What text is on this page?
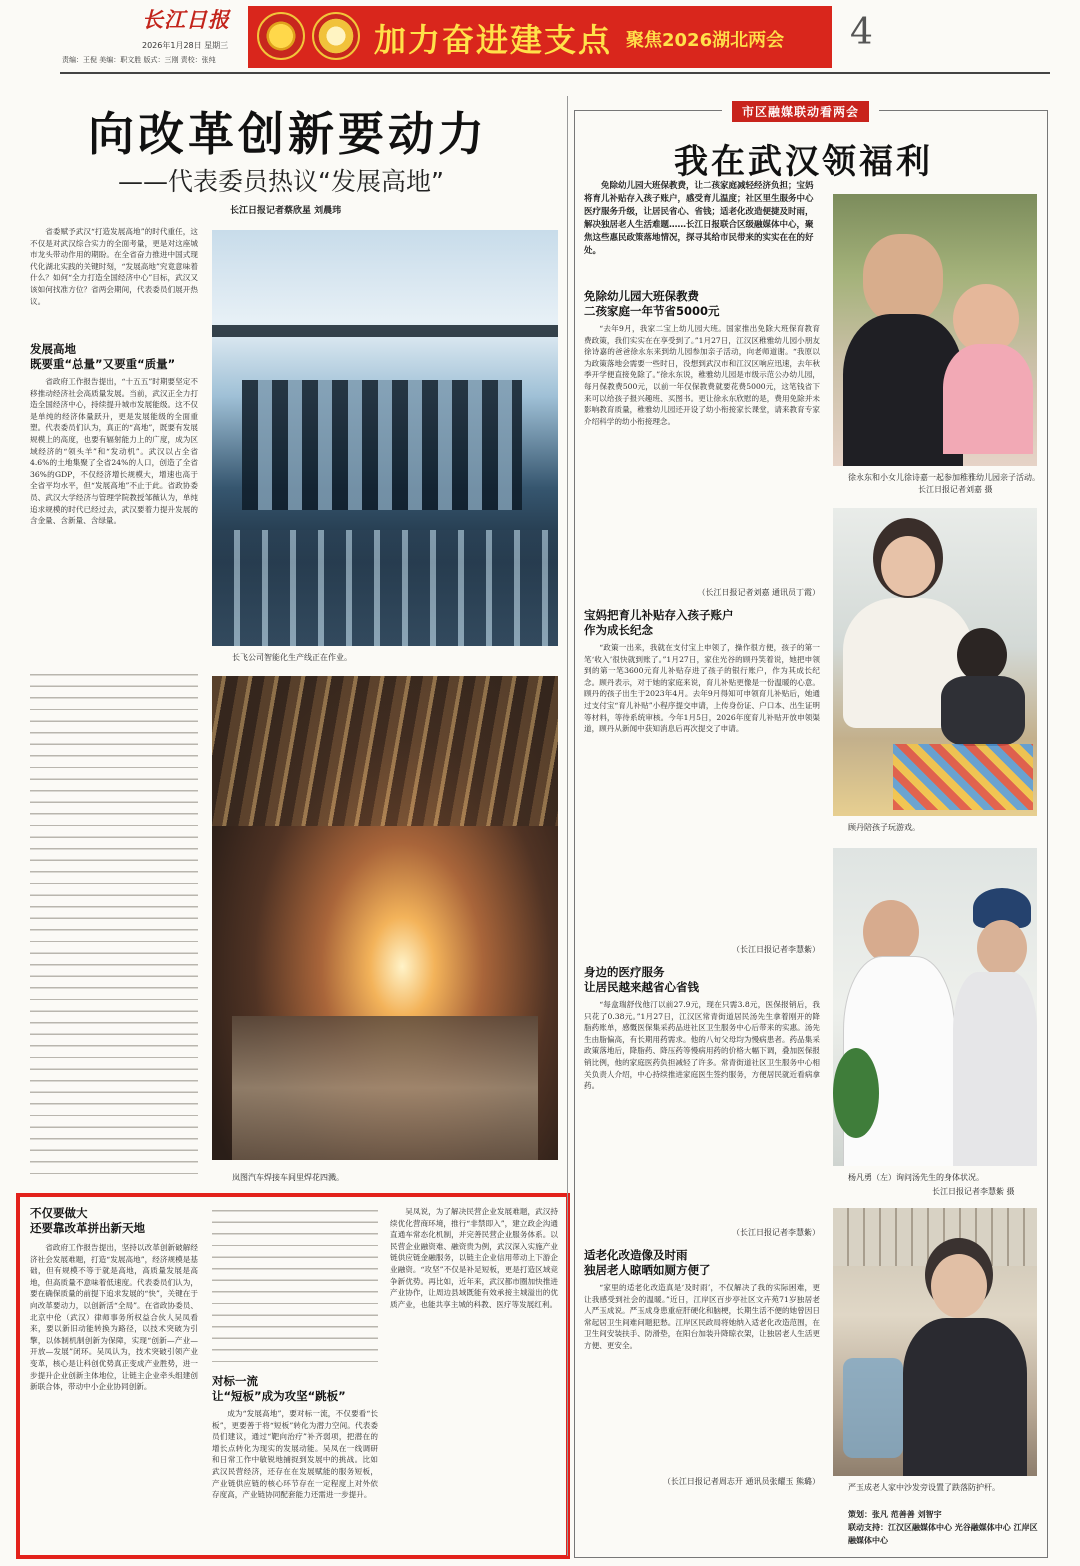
长江日报
2026年1月28日 星期三
责编：王倪 美编：职文胜 版式：三刚 责校：张纯
加力奋进建支点 聚焦2026湖北两会 4
向改革创新要动力
——代表委员热议“发展高地”
长江日报记者蔡欣星 刘晨玮
省委赋予武汉“打造发展高地”的时代重任，这不仅是对武汉综合实力的全面考量，更是对这座城市龙头带动作用的期盼。在全省奋力推进中国式现代化湖北实践的关键时刻，“发展高地”究竟意味着什么？如何“全力打造全国经济中心”目标，武汉又该如何找准方位？省两会期间，代表委员们展开热议。
发展高地
既要重“总量”又要重“质量”
省政府工作报告提出，“十五五”时期要坚定不移推动经济社会高质量发展。当前，武汉正全力打造全国经济中心，持续提升城市发展能级。这不仅是单纯的经济体量跃升，更是发展能级的全面重塑。代表委员们认为，真正的“高地”，既要有发展规模上的高度，也要有辐射能力上的广度，成为区域经济的“领头羊”和“发动机”。武汉以占全省4.6%的土地集聚了全省24%的人口，创造了全省36%的GDP，不仅经济增长规模大，增速也高于全省平均水平，但“发展高地”不止于此。省政协委员、武汉大学经济与管理学院教授邹薇认为，单纯追求规模的时代已经过去，武汉要着力提升发展的含金量、含新量、含绿量。
长飞公司智能化生产线正在作业。
岚图汽车焊接车间里焊花四溅。
不仅要做大
还要靠改革拼出新天地
省政府工作报告提出，坚持以改革创新破解经济社会发展难题，打造“发展高地”，经济规模是基础，但有规模不等于就是高地，高质量发展是高地，但高质量不意味着低速度。代表委员们认为，要在确保质量的前提下追求发展的“快”，关键在于向改革要动力，以创新活“全局”。在省政协委员、北京中伦（武汉）律师事务所权益合伙人吴凤看来，要以新旧动能转换为路径，以技术突破为引擎，以体制机制创新为保障，实现“创新—产业—开放—发展”闭环。吴凤认为，技术突破引领产业变革，核心是让科创优势真正变成产业胜势，进一步提升企业创新主体地位，让链主企业牵头组建创新联合体，带动中小企业协同创新。	对标一流
让“短板”成为攻坚“跳板”
成为“发展高地”，要对标一流，不仅要看“长板”，更要善于将“短板”转化为潜力空间。代表委员们建议，通过“靶向治疗”补齐弱项，把潜在的增长点转化为现实的发展动能。吴凤在一线调研和日常工作中敏锐地捕捉到发展中的挑战。比如武汉民营经济，还存在在发展赋能的服务短板，产业链供应链的核心环节存在一定程度上对外依存度高，产业链协同配套能力还需进一步提升。
吴凤说，为了解决民营企业发展难题，武汉持续优化营商环境，推行“非禁即入”，建立政企沟通直通车常态化机制，并完善民营企业服务体系。以民营企业融资难、融资贵为例，武汉深入实施产业链供应链金融服务，以链主企业信用带动上下游企业融资。“攻坚”不仅是补足短板，更是打造区域竞争新优势。再比如，近年来，武汉都市圈加快推进产业协作，让周边县域既能有效承接主城溢出的优质产业，也能共享主城的科教、医疗等发展红利。
市区融媒联动看两会
我在武汉领福利
免除幼儿园大班保教费，让二孩家庭减轻经济负担；宝妈将育儿补贴存入孩子账户，感受育儿温度；社区里生服务中心医疗服务升级，让居民省心、省钱；适老化改造便捷及时雨，解决独居老人生活难题……长江日报联合区级融媒体中心，聚焦这些惠民政策落地情况，探寻其给市民带来的实实在在的好处。
免除幼儿园大班保教费
二孩家庭一年节省5000元
“去年9月，我家二宝上幼儿园大班。国家推出免除大班保育教育费政策，我们实实在在享受到了。”1月27日，江汉区稚雅幼儿园小朋友徐诗嘉的爸爸徐永东来到幼儿园参加亲子活动，向老师道谢。“我原以为政策落地会需要一些时日，没想到武汉市和江汉区响应迅速，去年秋季开学便直接免除了。”徐永东说，稚雅幼儿园是市级示范公办幼儿园，每月保教费500元，以前一年仅保教费就要花费5000元，这笔钱省下来可以给孩子报兴趣班、买图书。更让徐永东欣慰的是，费用免除并未影响教育质量，稚雅幼儿园还开设了幼小衔接家长课堂，请来教育专家介绍科学的幼小衔接理念。
（长江日报记者刘嘉 通讯员丁霞）
宝妈把育儿补贴存入孩子账户
作为成长纪念
“政策一出来，我就在支付宝上申领了，操作很方便，孩子的第一笔‘收入’很快就到账了。”1月27日，家住光谷的顾丹笑着说，她把申领到的第一笔3600元育儿补贴存进了孩子的银行账户，作为其成长纪念。顾丹表示，对于她的家庭来说，育儿补贴更像是一份温暖的心意。顾丹的孩子出生于2023年4月。去年9月得知可申领育儿补贴后，她通过支付宝“育儿补贴”小程序提交申请，上传身份证、户口本、出生证明等材料，等待系统审核。今年1月5日，2026年度育儿补贴开放申领渠道，顾丹从新闻中获知消息后再次提交了申请。
（长江日报记者李慧紫）
身边的医疗服务
让居民越来越省心省钱
“每盒瑞舒伐他汀以前27.9元，现在只需3.8元，医保报销后，我只花了0.38元。”1月27日，江汉区常青街道居民汤先生拿着刚开的降脂药账单，感慨医保集采药品进社区卫生服务中心后带来的实惠。汤先生由脂偏高，有长期用药需求。他的八旬父母均为慢病患者。药品集采政策落地后，降脂药、降压药等慢病用药的价格大幅下调，叠加医保报销比例，他的家庭医药负担减轻了许多。常青街道社区卫生服务中心相关负责人介绍，中心持续推进家庭医生签约服务，方便居民就近看病拿药。
（长江日报记者李慧紫）
适老化改造像及时雨
独居老人晾晒如厕方便了
“家里的适老化改造真是‘及时雨’，不仅解决了我的实际困难，更让我感受到社会的温暖。”近日，江岸区百步亭社区文卉苑71岁独居老人严玉成说。严玉成身患重症肝硬化和脑梗，长期生活不便的她曾因日常起居卫生间难问题犯愁。江岸区民政局将她纳入适老化改造范围，在卫生间安装扶手、防滑垫，在阳台加装升降晾衣架，让独居老人生活更方便、更安全。
（长江日报记者周志开 通讯员张耀玉 熊璐）
徐永东和小女儿徐诗嘉一起参加稚雅幼儿园亲子活动。
长江日报记者刘嘉 摄
顾丹陪孩子玩游戏。
杨凡勇（左）询问汤先生的身体状况。
长江日报记者李慧紫 摄
严玉成老人家中沙发旁设置了跌落防护杆。
策划：张凡 范善善 刘智宇
联动支持：江汉区融媒体中心 光谷融媒体中心 江岸区融媒体中心
